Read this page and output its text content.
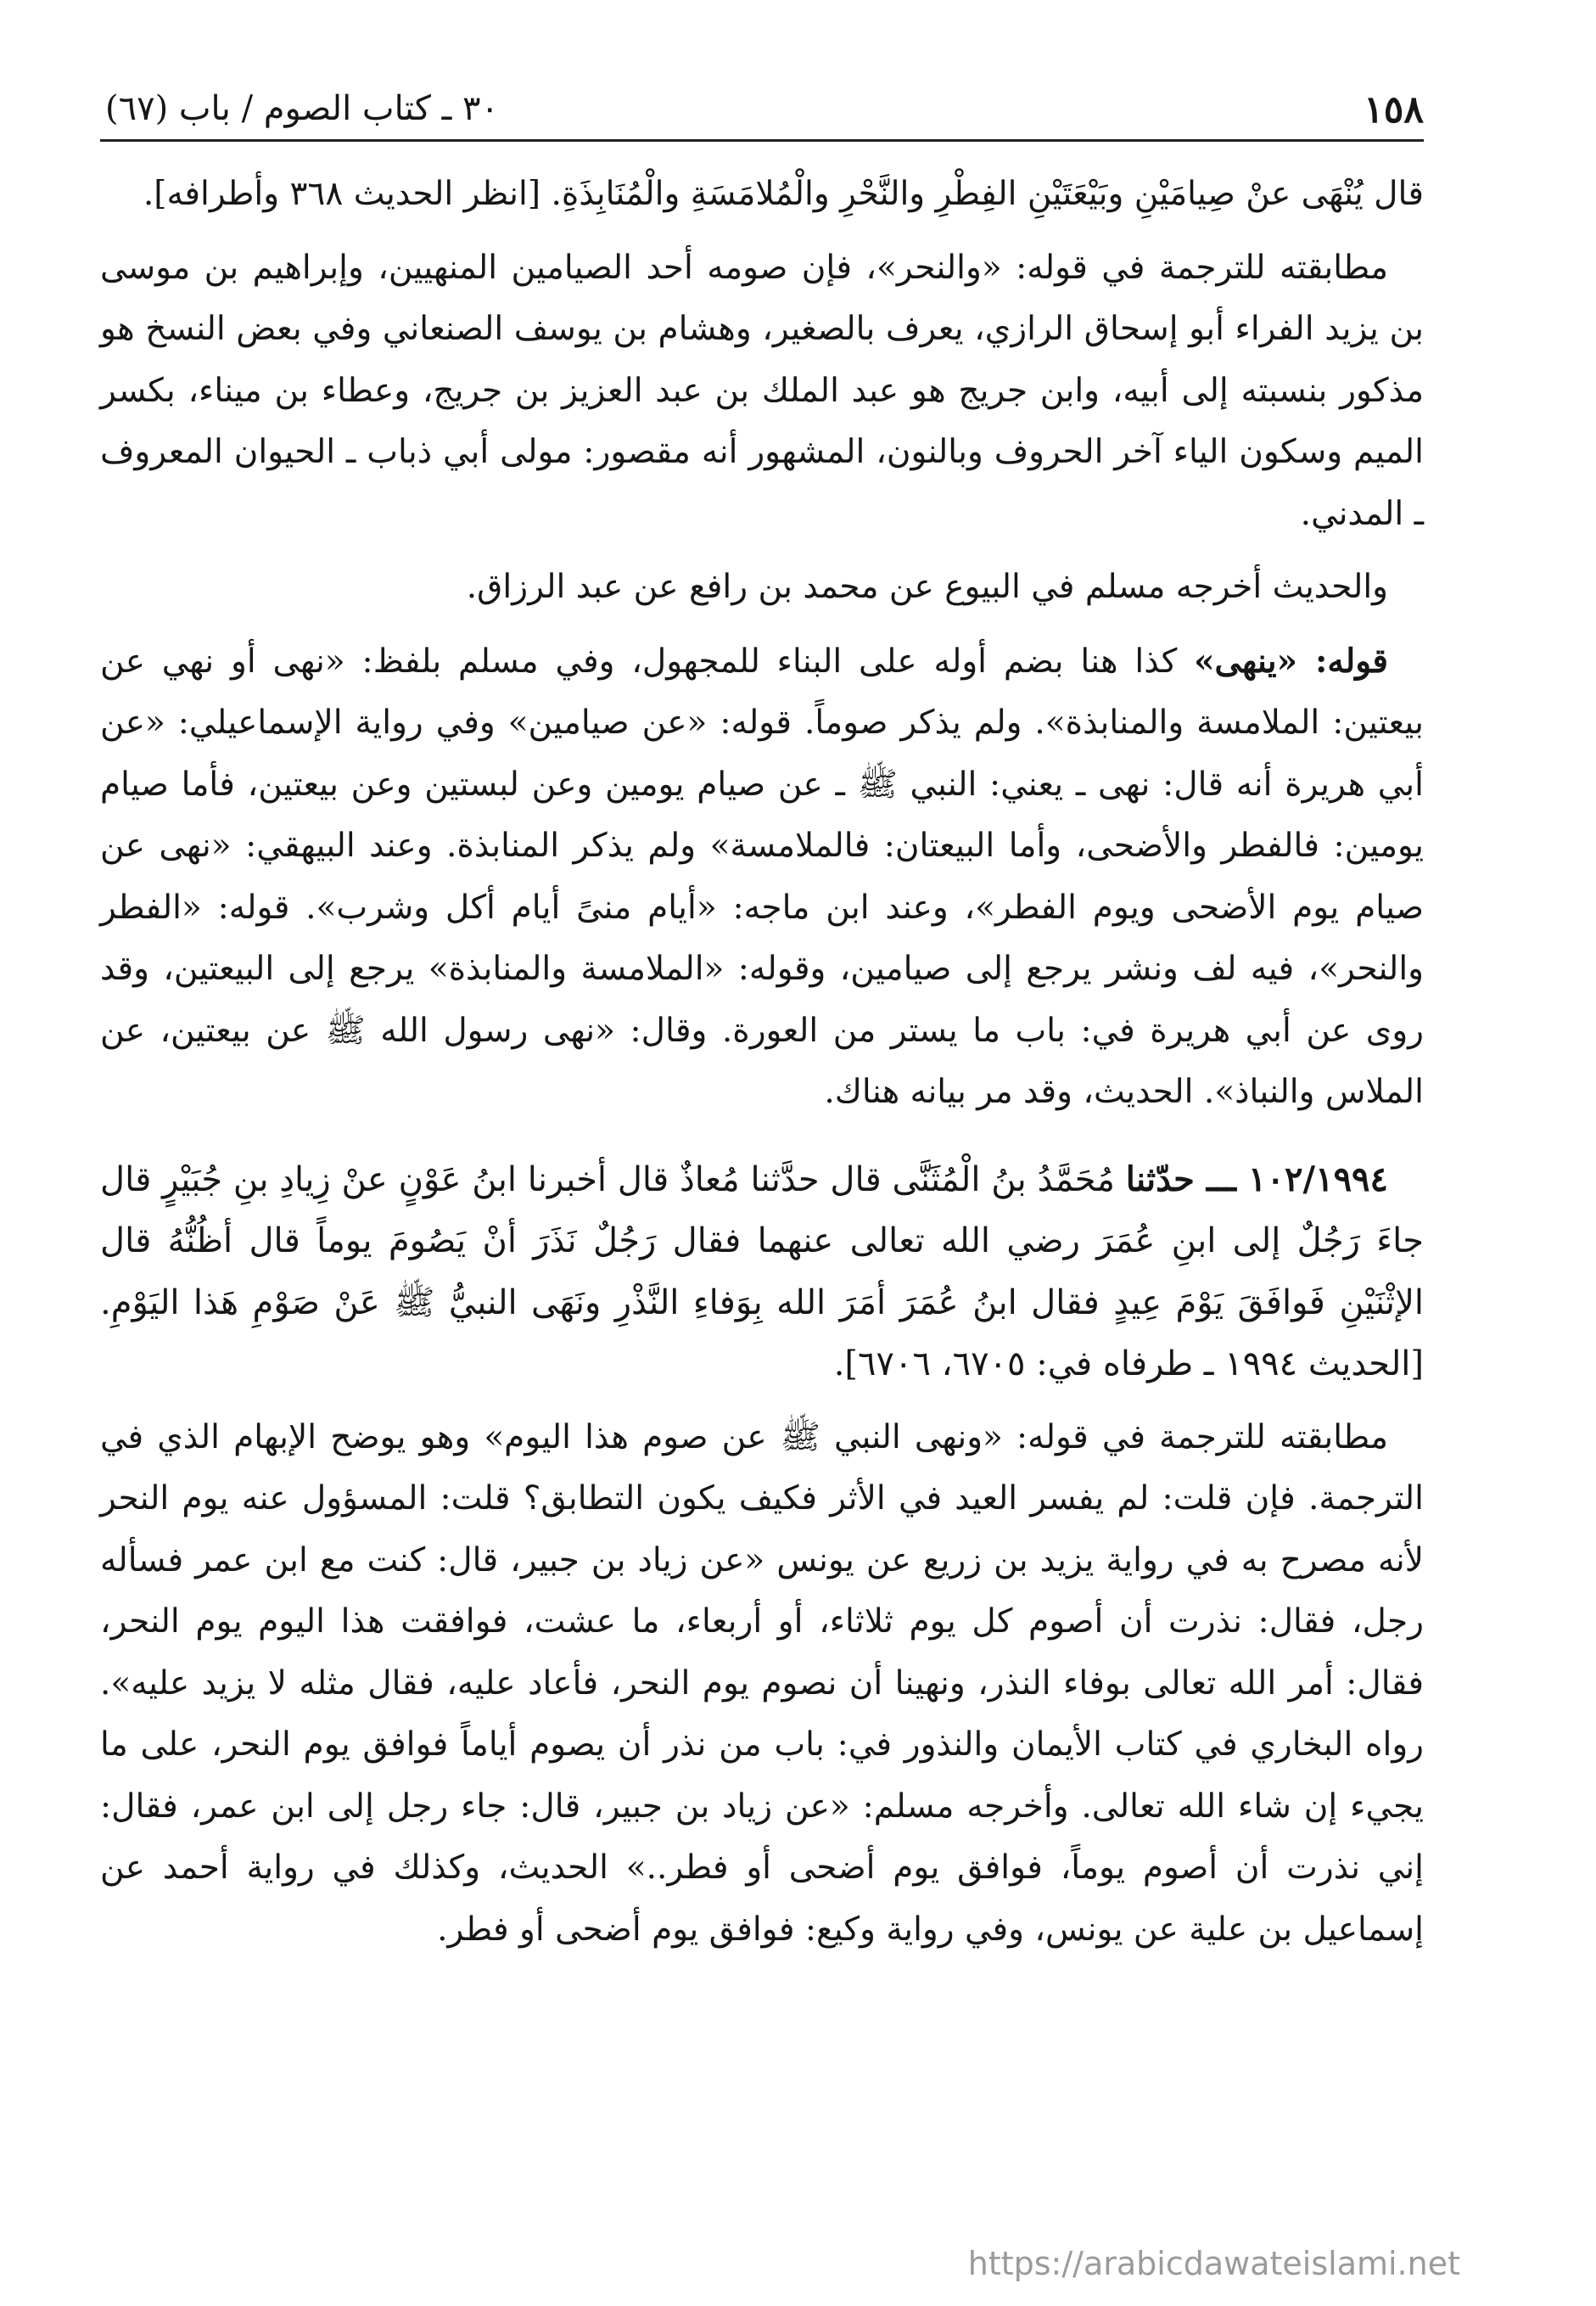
١٥٨
٣٠ ـ كتاب الصوم / باب (٦٧)

قال يُنْهَى عنْ صِيامَيْنِ وبَيْعَتَيْنِ الفِطْرِ والنَّحْرِ والْمُلامَسَةِ والْمُنَابِذَةِ. [انظر الحديث ٣٦٨ وأطرافه].

مطابقته للترجمة في قوله: «والنحر»، فإن صومه أحد الصيامين المنهيين، وإبراهيم بن موسى بن يزيد الفراء أبو إسحاق الرازي، يعرف بالصغير، وهشام بن يوسف الصنعاني وفي بعض النسخ هو مذكور بنسبته إلى أبيه، وابن جريج هو عبد الملك بن عبد العزيز بن جريج، وعطاء بن ميناء، بكسر الميم وسكون الياء آخر الحروف وبالنون، المشهور أنه مقصور: مولى أبي ذباب ـ الحيوان المعروف ـ المدني.

والحديث أخرجه مسلم في البيوع عن محمد بن رافع عن عبد الرزاق.

قوله: «ينهى» كذا هنا بضم أوله على البناء للمجهول، وفي مسلم بلفظ: «نهى أو نهي عن بيعتين: الملامسة والمنابذة». ولم يذكر صوماً. قوله: «عن صيامين» وفي رواية الإسماعيلي: «عن أبي هريرة أنه قال: نهى ـ يعني: النبي ﷺ ـ عن صيام يومين وعن لبستين وعن بيعتين، فأما صيام يومين: فالفطر والأضحى، وأما البيعتان: فالملامسة» ولم يذكر المنابذة. وعند البيهقي: «نهى عن صيام يوم الأضحى ويوم الفطر»، وعند ابن ماجه: «أيام منىً أيام أكل وشرب». قوله: «الفطر والنحر»، فيه لف ونشر يرجع إلى صيامين، وقوله: «الملامسة والمنابذة» يرجع إلى البيعتين، وقد روى عن أبي هريرة في: باب ما يستر من العورة. وقال: «نهى رسول الله ﷺ عن بيعتين، عن الملاس والنباذ». الحديث، وقد مر بيانه هناك.

١٠٢/١٩٩٤ ـــ حدّثنا مُحَمَّدُ بنُ الْمُثَنَّى قال حدَّثنا مُعاذٌ قال أخبرنا ابنُ عَوْنٍ عنْ زِيادِ بنِ جُبَيْرٍ قال جاءَ رَجُلٌ إلى ابنِ عُمَرَ رضي الله تعالى عنهما فقال رَجُلٌ نَذَرَ أنْ يَصُومَ يوماً قال أظُنُّهُ قال الإثْنَيْنِ فَوافَقَ يَوْمَ عِيدٍ فقال ابنُ عُمَرَ أمَرَ الله بِوَفاءِ النَّذْرِ ونَهَى النبيُّ ﷺ عَنْ صَوْمِ هَذا اليَوْمِ. [الحديث ١٩٩٤ ـ طرفاه في: ٦٧٠٥، ٦٧٠٦].

مطابقته للترجمة في قوله: «ونهى النبي ﷺ عن صوم هذا اليوم» وهو يوضح الإبهام الذي في الترجمة. فإن قلت: لم يفسر العيد في الأثر فكيف يكون التطابق؟ قلت: المسؤول عنه يوم النحر لأنه مصرح به في رواية يزيد بن زريع عن يونس «عن زياد بن جبير، قال: كنت مع ابن عمر فسأله رجل، فقال: نذرت أن أصوم كل يوم ثلاثاء، أو أربعاء، ما عشت، فوافقت هذا اليوم يوم النحر، فقال: أمر الله تعالى بوفاء النذر، ونهينا أن نصوم يوم النحر، فأعاد عليه، فقال مثله لا يزيد عليه». رواه البخاري في كتاب الأيمان والنذور في: باب من نذر أن يصوم أياماً فوافق يوم النحر، على ما يجيء إن شاء الله تعالى. وأخرجه مسلم: «عن زياد بن جبير، قال: جاء رجل إلى ابن عمر، فقال: إني نذرت أن أصوم يوماً، فوافق يوم أضحى أو فطر..» الحديث، وكذلك في رواية أحمد عن إسماعيل بن علية عن يونس، وفي رواية وكيع: فوافق يوم أضحى أو فطر.

https://arabicdawateislami.net
